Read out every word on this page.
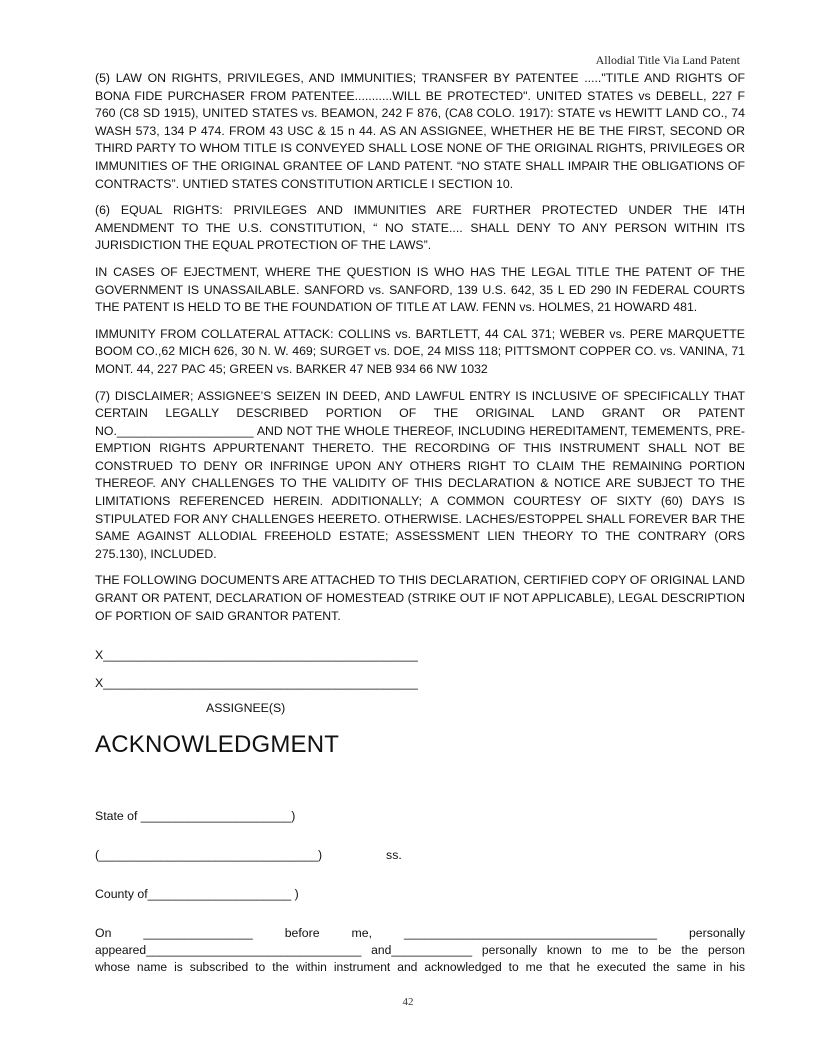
Allodial Title Via Land Patent

(5) LAW ON RIGHTS, PRIVILEGES, AND IMMUNITIES; TRANSFER BY PATENTEE ....."TITLE AND RIGHTS OF BONA FIDE PURCHASER FROM PATENTEE...........WILL BE PROTECTED". UNITED STATES vs DEBELL, 227 F 760 (C8 SD 1915), UNITED STATES vs. BEAMON, 242 F 876, (CA8 COLO. 1917): STATE vs HEWITT LAND CO., 74 WASH 573, 134 P 474. FROM 43 USC & 15 n 44. AS AN ASSIGNEE, WHETHER HE BE THE FIRST, SECOND OR THIRD PARTY TO WHOM TITLE IS CONVEYED SHALL LOSE NONE OF THE ORIGINAL RIGHTS, PRIVILEGES OR IMMUNITIES OF THE ORIGINAL GRANTEE OF LAND PATENT. “NO STATE SHALL IMPAIR THE OBLIGATIONS OF CONTRACTS”. UNTIED STATES CONSTITUTION ARTICLE I SECTION 10.

(6) EQUAL RIGHTS: PRIVILEGES AND IMMUNITIES ARE FURTHER PROTECTED UNDER THE I4TH AMENDMENT TO THE U.S. CONSTITUTION, “ NO STATE.... SHALL DENY TO ANY PERSON WITHIN ITS JURISDICTION THE EQUAL PROTECTION OF THE LAWS”.

IN CASES OF EJECTMENT, WHERE THE QUESTION IS WHO HAS THE LEGAL TITLE THE PATENT OF THE GOVERNMENT IS UNASSAILABLE. SANFORD vs. SANFORD, 139 U.S. 642, 35 L ED 290 IN FEDERAL COURTS THE PATENT IS HELD TO BE THE FOUNDATION OF TITLE AT LAW. FENN vs. HOLMES, 21 HOWARD 481.

IMMUNITY FROM COLLATERAL ATTACK: COLLINS vs. BARTLETT, 44 CAL 371; WEBER vs. PERE MARQUETTE BOOM CO.,62 MICH 626, 30 N. W. 469; SURGET vs. DOE, 24 MISS 118; PITTSMONT COPPER CO. vs. VANINA, 71 MONT. 44, 227 PAC 45; GREEN vs. BARKER 47 NEB 934 66 NW 1032

(7) DISCLAIMER; ASSIGNEE’S SEIZEN IN DEED, AND LAWFUL ENTRY IS INCLUSIVE OF SPECIFICALLY THAT CERTAIN LEGALLY DESCRIBED PORTION OF THE ORIGINAL LAND GRANT OR PATENT NO.____________________ AND NOT THE WHOLE THEREOF, INCLUDING HEREDITAMENT, TEMEMENTS, PRE-EMPTION RIGHTS APPURTENANT THERETO. THE RECORDING OF THIS INSTRUMENT SHALL NOT BE CONSTRUED TO DENY OR INFRINGE UPON ANY OTHERS RIGHT TO CLAIM THE REMAINING PORTION THEREOF. ANY CHALLENGES TO THE VALIDITY OF THIS DECLARATION & NOTICE ARE SUBJECT TO THE LIMITATIONS REFERENCED HEREIN. ADDITIONALLY; A COMMON COURTESY OF SIXTY (60) DAYS IS STIPULATED FOR ANY CHALLENGES HEERETO. OTHERWISE. LACHES/ESTOPPEL SHALL FOREVER BAR THE SAME AGAINST ALLODIAL FREEHOLD ESTATE; ASSESSMENT LIEN THEORY TO THE CONTRARY (ORS 275.130), INCLUDED.

THE FOLLOWING DOCUMENTS ARE ATTACHED TO THIS DECLARATION, CERTIFIED COPY OF ORIGINAL LAND GRANT OR PATENT, DECLARATION OF HOMESTEAD (STRIKE OUT IF NOT APPLICABLE), LEGAL DESCRIPTION OF PORTION OF SAID GRANTOR PATENT.

X______________________________________________
X______________________________________________
ASSIGNEE(S)
ACKNOWLEDGMENT
State of ______________________)
(________________________________)	ss.
County of_____________________ )
On ________________ before me, _____________________________________ personally
appeared________________________________ and____________ personally known to me to be the person
whose name is subscribed to the within instrument and acknowledged to me that he executed the same in his
42
